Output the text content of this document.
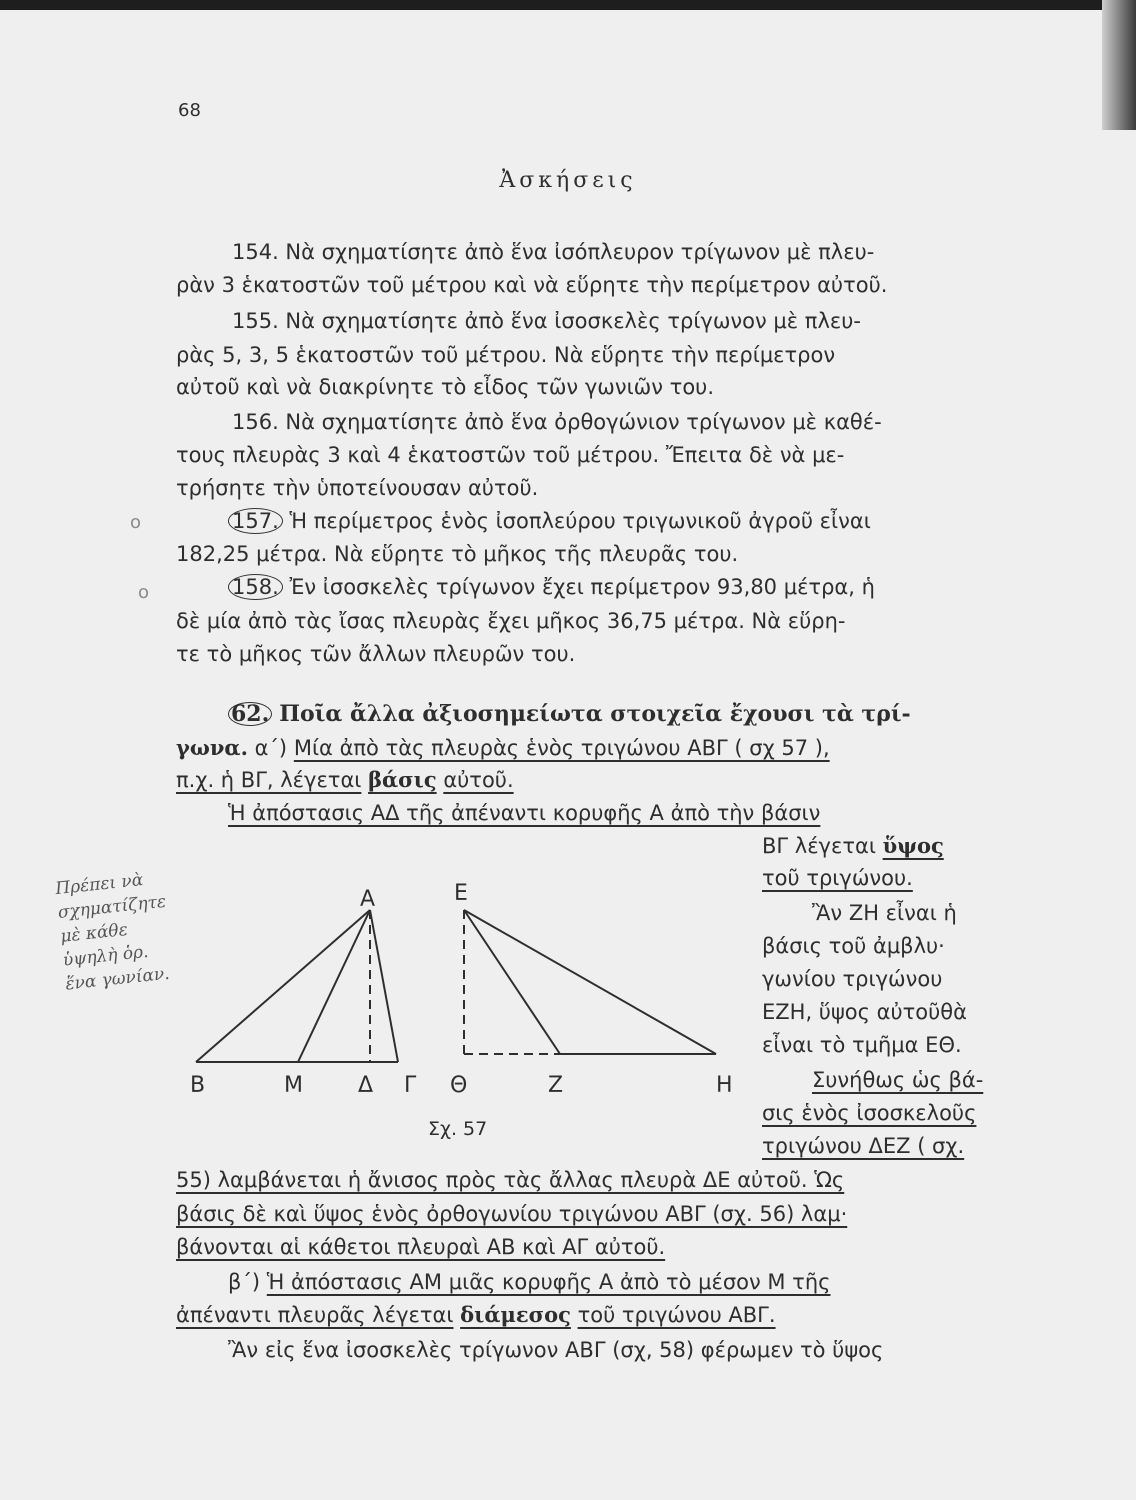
68
Ἀσκήσεις
154. Νὰ σχηματίσητε ἀπὸ ἕνα ἰσόπλευρον τρίγωνον μὲ πλευ-
ρὰν 3 ἑκατοστῶν τοῦ μέτρου καὶ νὰ εὕρητε τὴν περίμετρον αὐτοῦ.
155. Νὰ σχηματίσητε ἀπὸ ἕνα ἰσοσκελὲς τρίγωνον μὲ πλευ-
ρὰς 5, 3, 5 ἑκατοστῶν τοῦ μέτρου. Νὰ εὕρητε τὴν περίμετρον
αὐτοῦ καὶ νὰ διακρίνητε τὸ εἶδος τῶν γωνιῶν του.
156. Νὰ σχηματίσητε ἀπὸ ἕνα ὀρθογώνιον τρίγωνον μὲ καθέ-
τους πλευρὰς 3 καὶ 4 ἑκατοστῶν τοῦ μέτρου. Ἔπειτα δὲ νὰ με-
τρήσητε τὴν ὑποτείνουσαν αὐτοῦ.
o	157. Ἡ περίμετρος ἑνὸς ἰσοπλεύρου τριγωνικοῦ ἀγροῦ εἶναι
182,25 μέτρα. Νὰ εὕρητε τὸ μῆκος τῆς πλευρᾶς του.
o	158. Ἐν ἰσοσκελὲς τρίγωνον ἔχει περίμετρον 93,80 μέτρα, ἡ
δὲ μία ἀπὸ τὰς ἴσας πλευρὰς ἔχει μῆκος 36,75 μέτρα. Νὰ εὕρη-
τε τὸ μῆκος τῶν ἄλλων πλευρῶν του.
62. Ποῖα ἄλλα ἀξιοσημείωτα στοιχεῖα ἔχουσι τὰ τρί-
γωνα. α΄) Μία ἀπὸ τὰς πλευρὰς ἑνὸς τριγώνου ΑΒΓ ( σχ 57 ),
π.χ. ἡ ΒΓ, λέγεται βάσις αὐτοῦ.
Ἡ ἀπόστασις ΑΔ τῆς ἀπέναντι κορυφῆς Α ἀπὸ τὴν βάσιν
ΒΓ λέγεται ὕψος
τοῦ τριγώνου.
Ἂν ΖΗ εἶναι ἡ
βάσις τοῦ ἀμβλυ·
γωνίου τριγώνου
ΕΖΗ, ὕψος αὐτοῦθὰ
εἶναι τὸ τμῆμα ΕΘ.
Συνήθως ὡς βά-
σις ἑνὸς ἰσοσκελοῦς
τριγώνου ΔΕΖ ( σχ.
55) λαμβάνεται ἡ ἄνισος πρὸς τὰς ἄλλας πλευρὰ ΔΕ αὐτοῦ. Ὡς
βάσις δὲ καὶ ὕψος ἑνὸς ὀρθογωνίου τριγώνου ΑΒΓ (σχ. 56) λαμ·
βάνονται αἱ κάθετοι πλευραὶ ΑΒ καὶ ΑΓ αὐτοῦ.
β΄) Ἡ ἀπόστασις ΑΜ μιᾶς κορυφῆς Α ἀπὸ τὸ μέσον Μ τῆς
ἀπέναντι πλευρᾶς λέγεται διάμεσος τοῦ τριγώνου ΑΒΓ.
Ἂν εἰς ἕνα ἰσοσκελὲς τρίγωνον ΑΒΓ (σχ, 58) φέρωμεν τὸ ὕψος
Πρέπει νὰ
σχηματίζητε
μὲ κάθε
ὑψηλὴ ὁρ.
ἕνα γωνίαν.
Α
Β	Μ	Δ Γ
Ε
Θ	Ζ	Η
Σχ. 57
